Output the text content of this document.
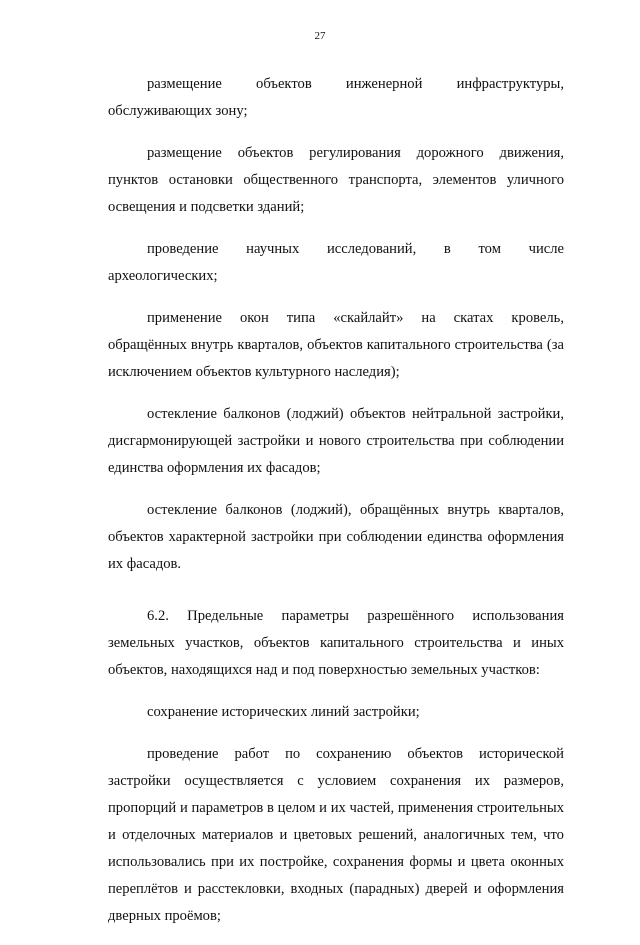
27

размещение объектов инженерной инфраструктуры,
обслуживающих зону;

размещение объектов регулирования дорожного движения,
пунктов остановки общественного транспорта, элементов уличного освещения и подсветки зданий;

проведение научных исследований, в том числе
археологических;

применение окон типа «скайлайт» на скатах кровель,
обращённых внутрь кварталов, объектов капитального строительства (за исключением объектов культурного наследия);

остекление балконов (лоджий) объектов нейтральной застройки,
дисгармонирующей застройки и нового строительства при соблюдении единства оформления их фасадов;

остекление балконов (лоджий), обращённых внутрь кварталов,
объектов характерной застройки при соблюдении единства оформления их фасадов.

6.2. Предельные параметры разрешённого использования
земельных участков, объектов капитального строительства и иных объектов, находящихся над и под поверхностью земельных участков:

сохранение исторических линий застройки;

проведение работ по сохранению объектов исторической
застройки осуществляется с условием сохранения их размеров, пропорций и параметров в целом и их частей, применения строительных и отделочных материалов и цветовых решений, аналогичных тем, что использовались при их постройке, сохранения формы и цвета оконных переплётов и расстекловки, входных (парадных) дверей и оформления дверных проёмов;
